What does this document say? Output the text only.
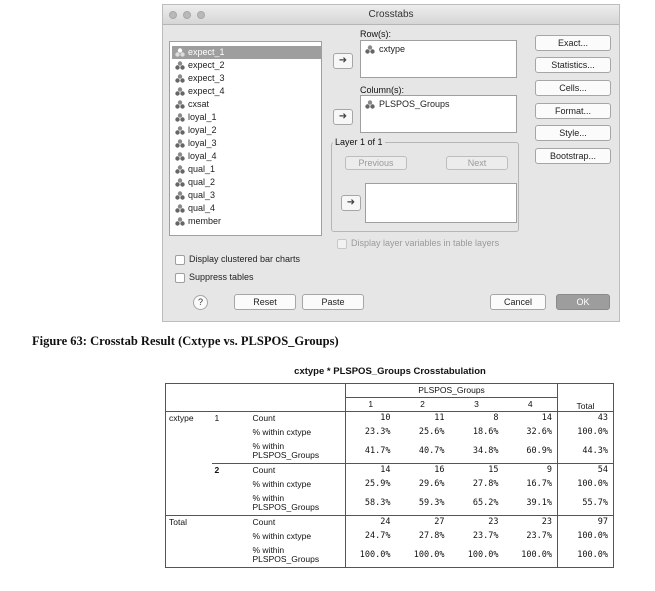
Crosstabs
expect_1
expect_2
expect_3
expect_4
cxsat
loyal_1
loyal_2
loyal_3
loyal_4
qual_1
qual_2
qual_3
qual_4
member
Row(s):
➜
cxtype
Column(s):
➜
PLSPOS_Groups
Layer 1 of 1
Previous	Next
➜
Display layer variables in table layers
Exact...
Statistics...
Cells...
Format...
Style...
Bootstrap...
Display clustered bar charts
Suppress tables
?	Reset	Paste	Cancel	OK
Figure 63: Crosstab Result (Cxtype vs. PLSPOS_Groups)
cxtype * PLSPOS_Groups Crosstabulation
			PLSPOS_Groups				Total
			1	2	3	4	
cxtype	1	Count	10	11	8	14	43
		% within cxtype	23.3%	25.6%	18.6%	32.6%	100.0%
		% within
PLSPOS_Groups	41.7%	40.7%	34.8%	60.9%	44.3%
	2	Count	14	16	15	9	54
		% within cxtype	25.9%	29.6%	27.8%	16.7%	100.0%
		% within
PLSPOS_Groups	58.3%	59.3%	65.2%	39.1%	55.7%
Total		Count	24	27	23	23	97
		% within cxtype	24.7%	27.8%	23.7%	23.7%	100.0%
		% within
PLSPOS_Groups	100.0%	100.0%	100.0%	100.0%	100.0%
